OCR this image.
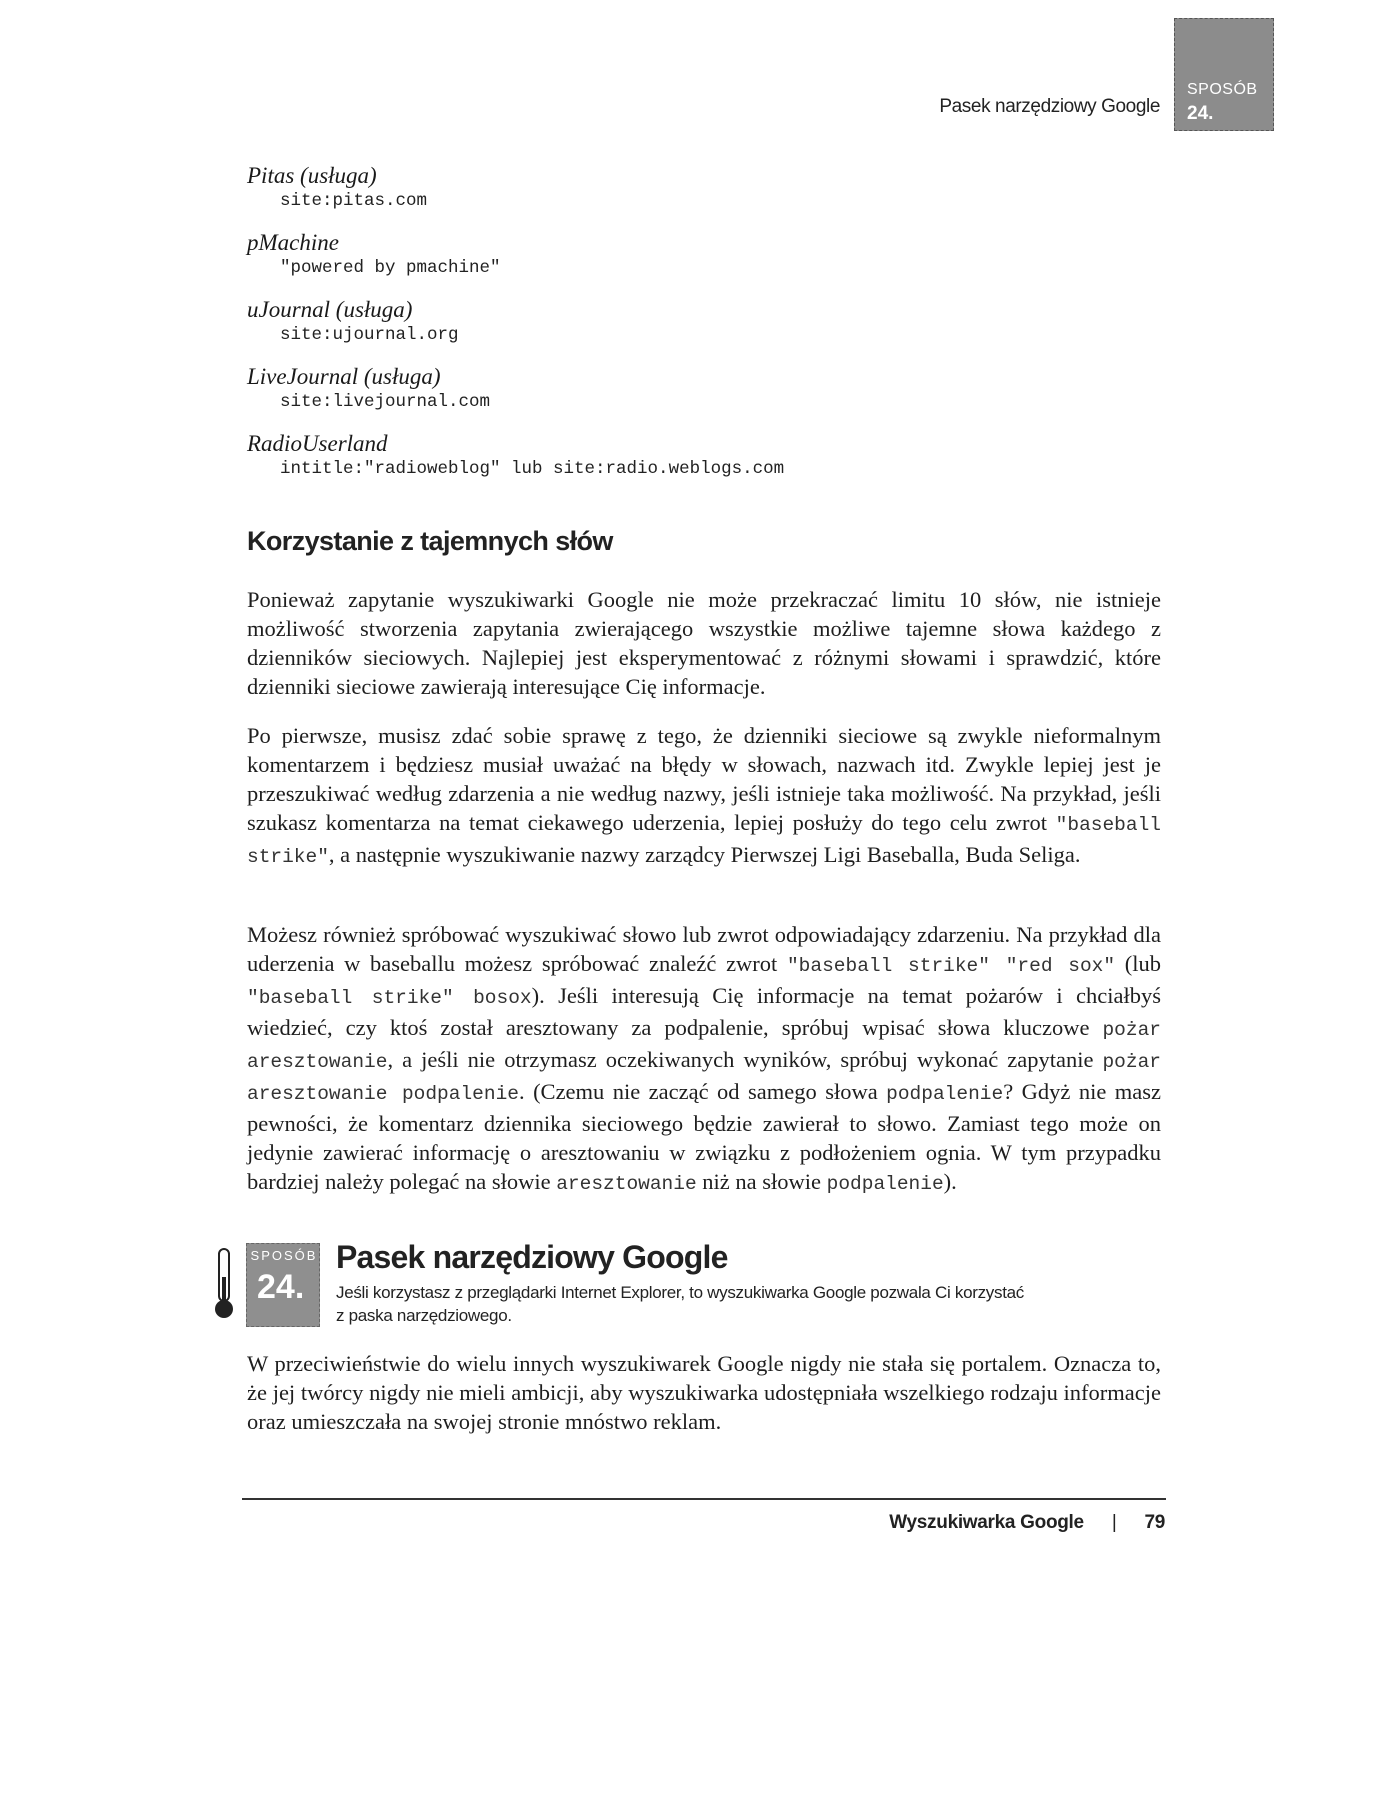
Pasek narzędziowy Google
SPOSÓB
24.
Pitas (usługa)
site:pitas.com
pMachine
"powered by pmachine"
uJournal (usługa)
site:ujournal.org
LiveJournal (usługa)
site:livejournal.com
RadioUserland
intitle:"radioweblog" lub site:radio.weblogs.com
Korzystanie z tajemnych słów

Ponieważ zapytanie wyszukiwarki Google nie może przekraczać limitu 10 słów, nie istnieje możliwość stworzenia zapytania zwierającego wszystkie możliwe tajemne słowa każdego z dzienników sieciowych. Najlepiej jest eksperymentować z różnymi słowami i sprawdzić, które dzienniki sieciowe zawierają interesujące Cię informacje.

Po pierwsze, musisz zdać sobie sprawę z tego, że dzienniki sieciowe są zwykle nieformalnym komentarzem i będziesz musiał uważać na błędy w słowach, nazwach itd. Zwykle lepiej jest je przeszukiwać według zdarzenia a nie według nazwy, jeśli istnieje taka możliwość. Na przykład, jeśli szukasz komentarza na temat ciekawego uderzenia, lepiej posłuży do tego celu zwrot "baseball strike", a następnie wyszukiwanie nazwy zarządcy Pierwszej Ligi Baseballa, Buda Seliga.

Możesz również spróbować wyszukiwać słowo lub zwrot odpowiadający zdarzeniu. Na przykład dla uderzenia w baseballu możesz spróbować znaleźć zwrot "baseball strike" "red sox" (lub "baseball strike" bosox). Jeśli interesują Cię informacje na temat pożarów i chciałbyś wiedzieć, czy ktoś został aresztowany za podpalenie, spróbuj wpisać słowa kluczowe pożar aresztowanie, a jeśli nie otrzymasz oczekiwanych wyników, spróbuj wykonać zapytanie pożar aresztowanie podpalenie. (Czemu nie zacząć od samego słowa podpalenie? Gdyż nie masz pewności, że komentarz dziennika sieciowego będzie zawierał to słowo. Zamiast tego może on jedynie zawierać informację o aresztowaniu w związku z podłożeniem ognia. W tym przypadku bardziej należy polegać na słowie aresztowanie niż na słowie podpalenie).

SPOSÓB
24.
Pasek narzędziowy Google
Jeśli korzystasz z przeglądarki Internet Explorer, to wyszukiwarka Google pozwala Ci korzystać
z paska narzędziowego.

W przeciwieństwie do wielu innych wyszukiwarek Google nigdy nie stała się portalem. Oznacza to, że jej twórcy nigdy nie mieli ambicji, aby wyszukiwarka udostępniała wszelkiego rodzaju informacje oraz umieszczała na swojej stronie mnóstwo reklam.

Wyszukiwarka Google | 79
